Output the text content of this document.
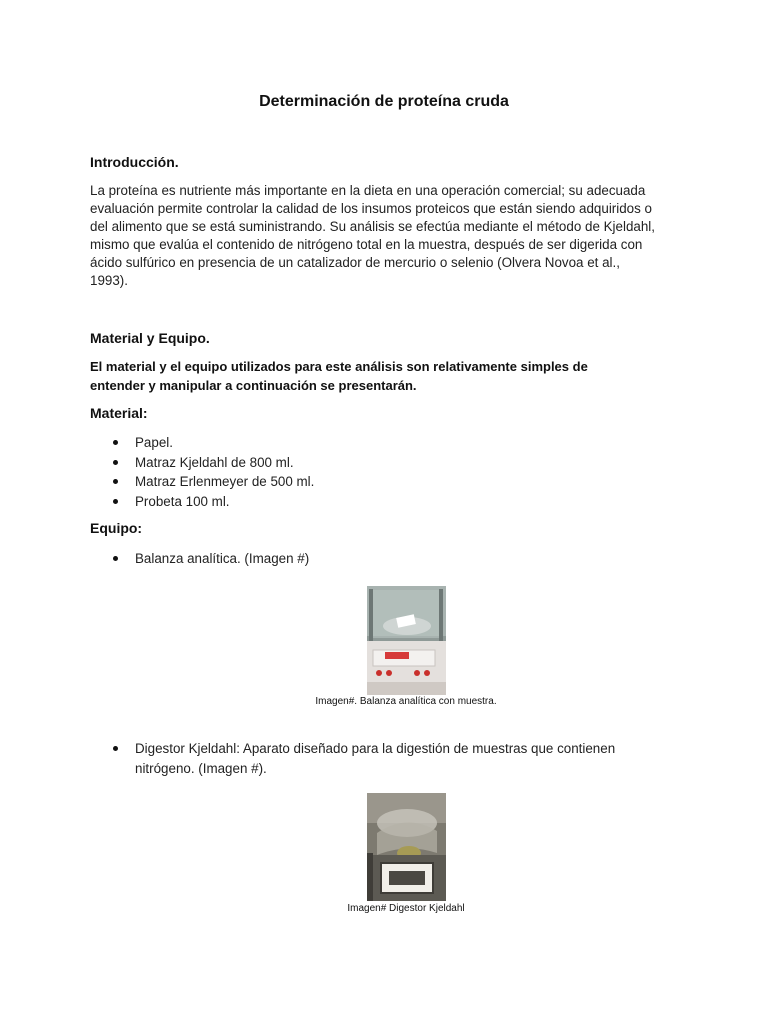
Determinación de proteína cruda
Introducción.

La proteína es nutriente más importante en la dieta en una operación comercial; su adecuada
evaluación permite controlar la calidad de los insumos proteicos que están siendo adquiridos o
del alimento que se está suministrando. Su análisis se efectúa mediante el método de Kjeldahl,
mismo que evalúa el contenido de nitrógeno total en la muestra, después de ser digerida con
ácido sulfúrico en presencia de un catalizador de mercurio o selenio (Olvera Novoa et al.,
1993).

Material y Equipo.

El material y el equipo utilizados para este análisis son relativamente simples de
entender y manipular a continuación se presentarán.

Material:
Papel.
Matraz Kjeldahl de 800 ml.
Matraz Erlenmeyer de 500 ml.
Probeta 100 ml.
Equipo:
Balanza analítica. (Imagen #)

Imagen#. Balanza analítica con muestra.

Digestor Kjeldahl: Aparato diseñado para la digestión de muestras que contienen
nitrógeno. (Imagen #).

Imagen# Digestor Kjeldahl
